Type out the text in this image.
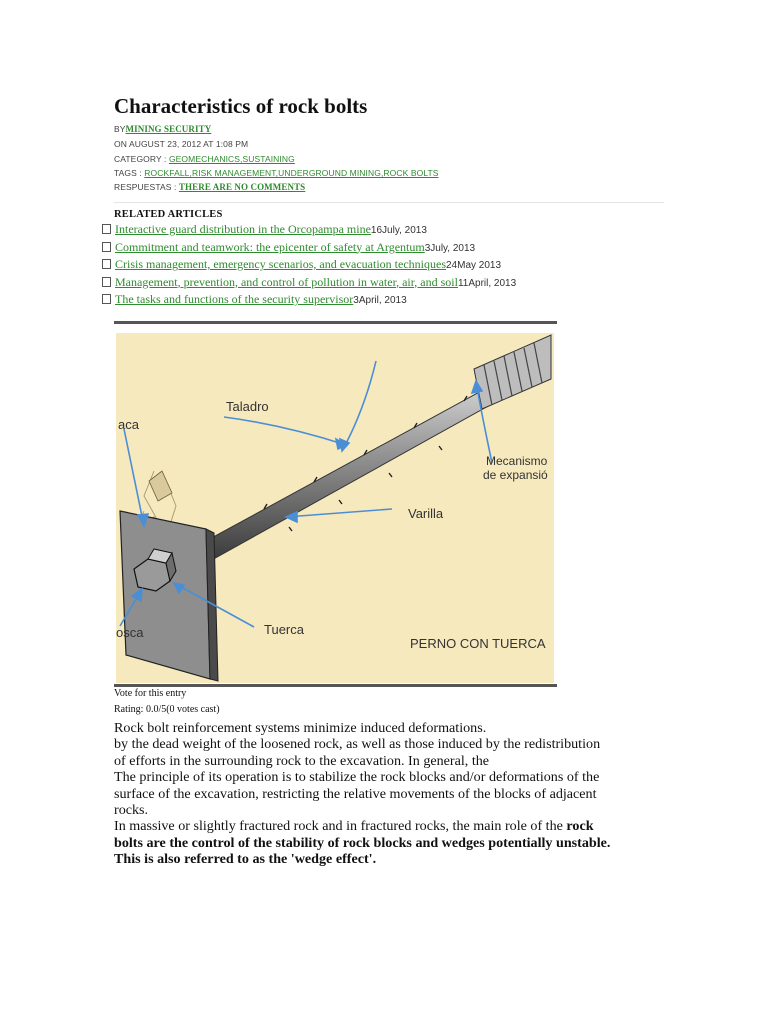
Characteristics of rock bolts
BYMINING SECURITY
ON AUGUST 23, 2012 AT 1:08 PM
CATEGORY : GEOMECHANICS,SUSTAINING
TAGS : ROCKFALL,RISK MANAGEMENT,UNDERGROUND MINING,ROCK BOLTS
RESPUESTAS : THERE ARE NO COMMENTS
RELATED ARTICLES
Interactive guard distribution in the Orcopampa mine 16 July, 2013
Commitment and teamwork: the epicenter of safety at Argentum 3 July, 2013
Crisis management, emergency scenarios, and evacuation techniques 24 May 2013
Management, prevention, and control of pollution in water, air, and soil 11 April, 2013
The tasks and functions of the security supervisor 3 April, 2013
Taladro
aca
Mecanismo
de expansió
Varilla
osca	Tuerca
PERNO CON TUERCA
Vote for this entry
Rating: 0.0/5(0 votes cast)

Rock bolt reinforcement systems minimize induced deformations.

by the dead weight of the loosened rock, as well as those induced by the redistribution of efforts in the surrounding rock to the excavation. In general, the

The principle of its operation is to stabilize the rock blocks and/or deformations of the surface of the excavation, restricting the relative movements of the blocks of adjacent rocks.

In massive or slightly fractured rock and in fractured rocks, the main role of the rock bolts are the control of the stability of rock blocks and wedges potentially unstable. This is also referred to as the 'wedge effect'.
